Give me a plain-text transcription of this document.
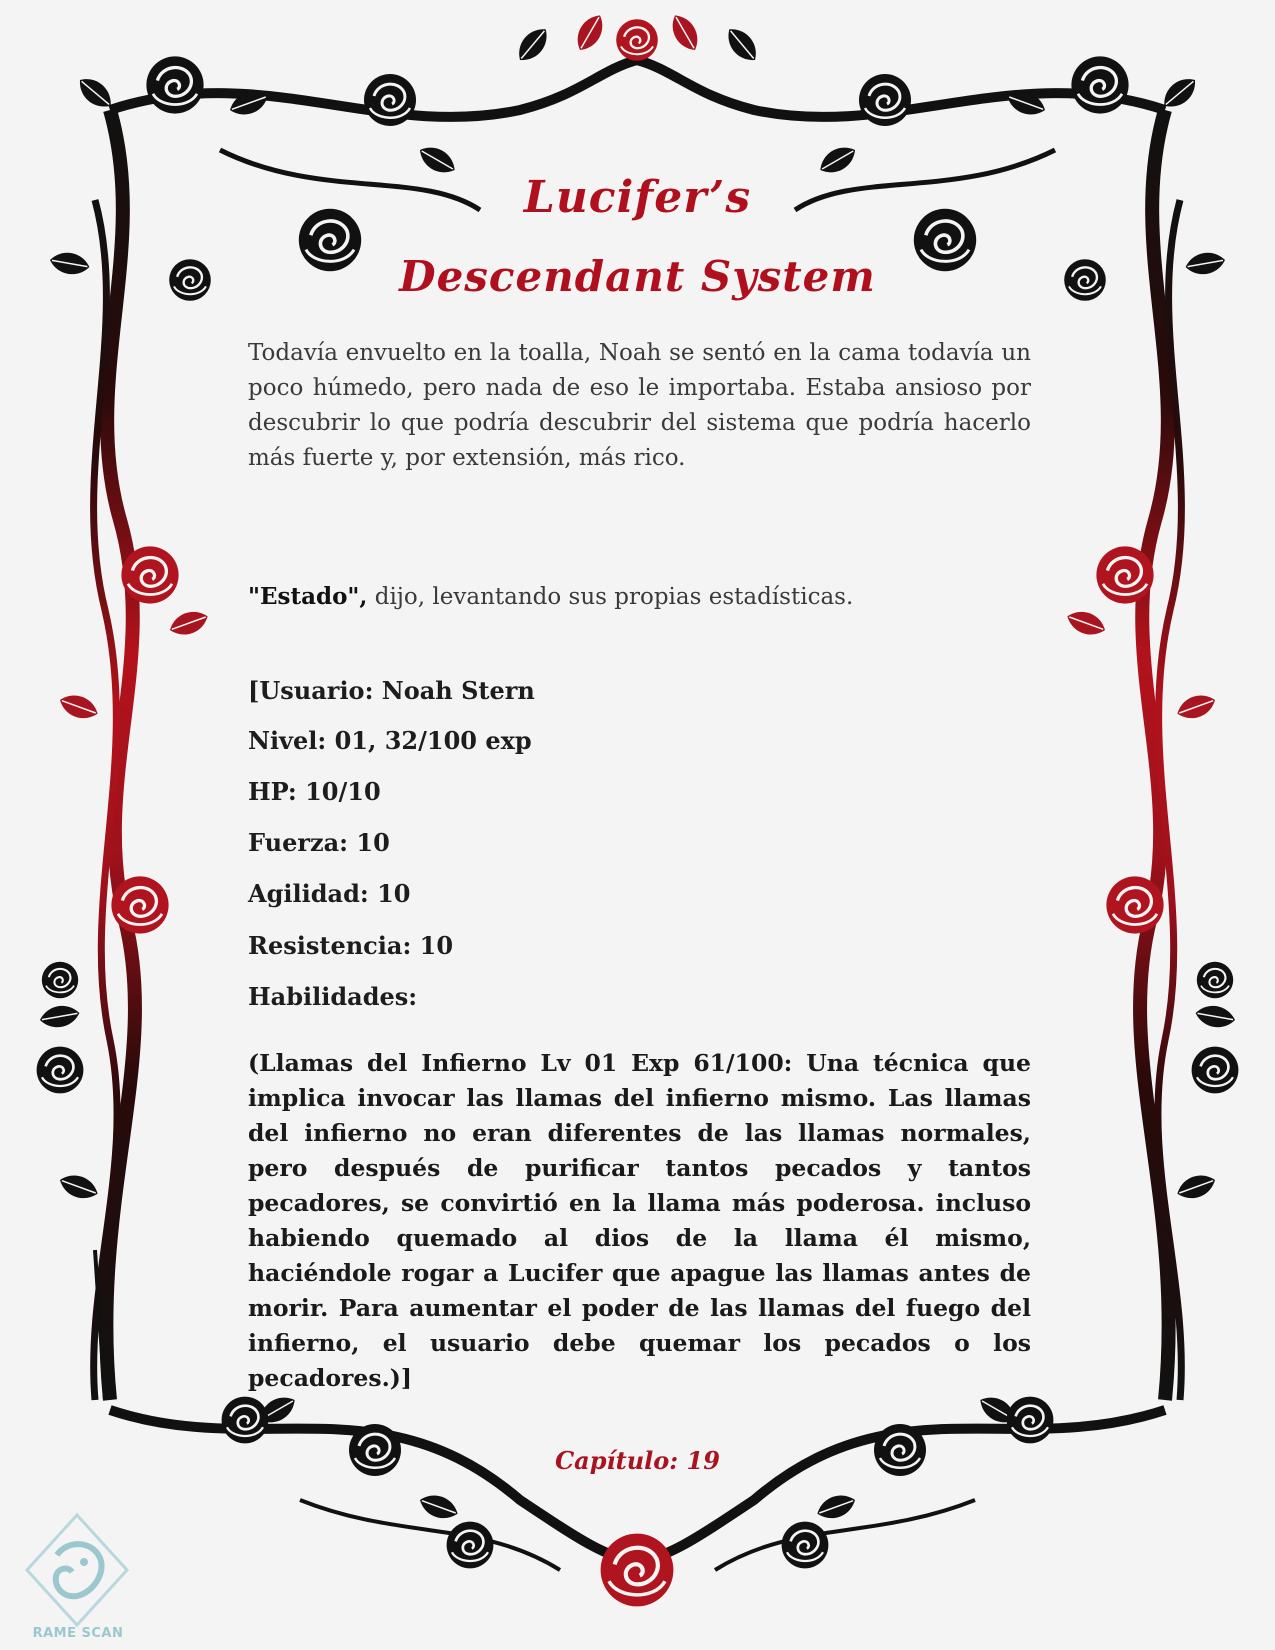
Lucifer’s
Descendant System

Todavía envuelto en la toalla, Noah se sentó en la cama todavía un poco húmedo, pero nada de eso le importaba. Estaba ansioso por descubrir lo que podría descubrir del sistema que podría hacerlo más fuerte y, por extensión, más rico.

"Estado", dijo, levantando sus propias estadísticas.

[Usuario: Noah Stern

Nivel: 01, 32/100 exp

HP: 10/10

Fuerza: 10

Agilidad: 10

Resistencia: 10

Habilidades:

(Llamas del Infierno Lv 01 Exp 61/100: Una técnica que implica invocar las llamas del infierno mismo. Las llamas del infierno no eran diferentes de las llamas normales, pero después de purificar tantos pecados y tantos pecadores, se convirtió en la llama más poderosa. incluso habiendo quemado al dios de la llama él mismo, haciéndole rogar a Lucifer que apague las llamas antes de morir. Para aumentar el poder de las llamas del fuego del infierno, el usuario debe quemar los pecados o los pecadores.)]

Capítulo: 19

RAME SCAN
